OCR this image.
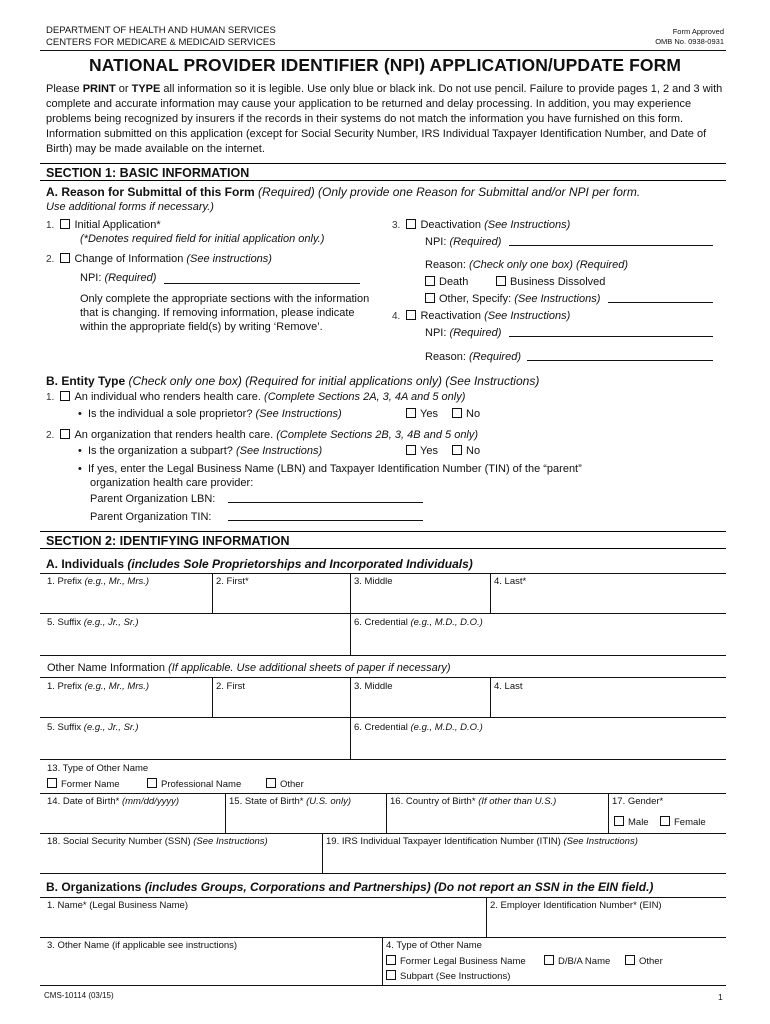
DEPARTMENT OF HEALTH AND HUMAN SERVICES
CENTERS FOR MEDICARE & MEDICAID SERVICES
Form Approved
OMB No. 0938-0931
NATIONAL PROVIDER IDENTIFIER (NPI) APPLICATION/UPDATE FORM
Please PRINT or TYPE all information so it is legible. Use only blue or black ink. Do not use pencil. Failure to provide pages 1, 2 and 3 with complete and accurate information may cause your application to be returned and delay processing. In addition, you may experience problems being recognized by insurers if the records in their systems do not match the information you have furnished on this form. Information submitted on this application (except for Social Security Number, IRS Individual Taxpayer Identification Number, and Date of Birth) may be made available on the internet.
SECTION 1: BASIC INFORMATION
A. Reason for Submittal of this Form (Required) (Only provide one Reason for Submittal and/or NPI per form.
Use additional forms if necessary.)
1. Initial Application*
(*Denotes required field for initial application only.)
2. Change of Information (See instructions)
NPI: (Required)
Only complete the appropriate sections with the information that is changing. If removing information, please indicate within the appropriate field(s) by writing ‘Remove’.
3. Deactivation (See Instructions)
NPI: (Required)
Reason: (Check only one box) (Required)
Death	Business Dissolved
Other, Specify: (See Instructions)
4. Reactivation (See Instructions)
NPI: (Required)
Reason: (Required)
B. Entity Type (Check only one box) (Required for initial applications only) (See Instructions)
1. An individual who renders health care. (Complete Sections 2A, 3, 4A and 5 only)
•  Is the individual a sole proprietor? (See Instructions)	Yes	No
2. An organization that renders health care. (Complete Sections 2B, 3, 4B and 5 only)
•  Is the organization a subpart? (See Instructions)	Yes	No
•  If yes, enter the Legal Business Name (LBN) and Taxpayer Identification Number (TIN) of the “parent”
organization health care provider:
Parent Organization LBN:
Parent Organization TIN:
SECTION 2: IDENTIFYING INFORMATION
A. Individuals (includes Sole Proprietorships and Incorporated Individuals)
1. Prefix (e.g., Mr., Mrs.)	2. First*	3. Middle	4. Last*
5. Suffix (e.g., Jr., Sr.)	6. Credential (e.g., M.D., D.O.)
Other Name Information (If applicable. Use additional sheets of paper if necessary)
1. Prefix (e.g., Mr., Mrs.)	2. First	3. Middle	4. Last
5. Suffix (e.g., Jr., Sr.)	6. Credential (e.g., M.D., D.O.)
13. Type of Other Name
Former Name	Professional Name	Other
14. Date of Birth* (mm/dd/yyyy)	15. State of Birth* (U.S. only)	16. Country of Birth* (If other than U.S.)	17. Gender*
Male	Female
18. Social Security Number (SSN) (See Instructions)	19. IRS Individual Taxpayer Identification Number (ITIN) (See Instructions)
B. Organizations (includes Groups, Corporations and Partnerships) (Do not report an SSN in the EIN field.)
1. Name* (Legal Business Name)	2. Employer Identification Number* (EIN)
3. Other Name (if applicable see instructions)	4. Type of Other Name
Former Legal Business Name	D/B/A Name	Other
Subpart (See Instructions)
CMS-10114 (03/15)	1
